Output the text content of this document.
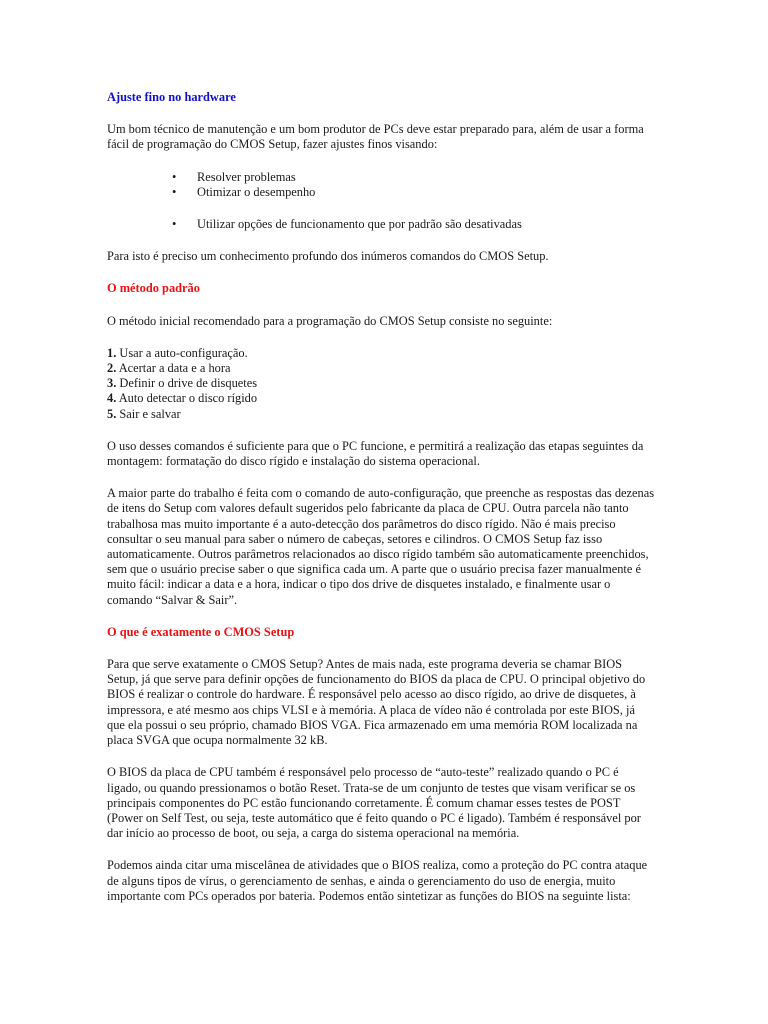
Ajuste fino no hardware

Um bom técnico de manutenção e um bom produtor de PCs deve estar preparado para, além de usar a forma fácil de programação do CMOS Setup, fazer ajustes finos visando:

• Resolver problemas
• Otimizar o desempenho
• Utilizar opções de funcionamento que por padrão são desativadas

Para isto é preciso um conhecimento profundo dos inúmeros comandos do CMOS Setup.

O método padrão

O método inicial recomendado para a programação do CMOS Setup consiste no seguinte:

1. Usar a auto-configuração.
2. Acertar a data e a hora
3. Definir o drive de disquetes
4. Auto detectar o disco rígido
5. Sair e salvar

O uso desses comandos é suficiente para que o PC funcione, e permitirá a realização das etapas seguintes da montagem: formatação do disco rígido e instalação do sistema operacional.

A maior parte do trabalho é feita com o comando de auto-configuração, que preenche as respostas das dezenas de itens do Setup com valores default sugeridos pelo fabricante da placa de CPU. Outra parcela não tanto trabalhosa mas muito importante é a auto-detecção dos parâmetros do disco rígido. Não é mais preciso consultar o seu manual para saber o número de cabeças, setores e cilindros. O CMOS Setup faz isso automaticamente. Outros parâmetros relacionados ao disco rígido também são automaticamente preenchidos, sem que o usuário precise saber o que significa cada um. A parte que o usuário precisa fazer manualmente é muito fácil: indicar a data e a hora, indicar o tipo dos drive de disquetes instalado, e finalmente usar o comando “Salvar & Sair”.

O que é exatamente o CMOS Setup

Para que serve exatamente o CMOS Setup? Antes de mais nada, este programa deveria se chamar BIOS Setup, já que serve para definir opções de funcionamento do BIOS da placa de CPU. O principal objetivo do BIOS é realizar o controle do hardware. É responsável pelo acesso ao disco rígido, ao drive de disquetes, à impressora, e até mesmo aos chips VLSI e à memória. A placa de vídeo não é controlada por este BIOS, já que ela possui o seu próprio, chamado BIOS VGA. Fica armazenado em uma memória ROM localizada na placa SVGA que ocupa normalmente 32 kB.

O BIOS da placa de CPU também é responsável pelo processo de “auto-teste” realizado quando o PC é ligado, ou quando pressionamos o botão Reset. Trata-se de um conjunto de testes que visam verificar se os principais componentes do PC estão funcionando corretamente. É comum chamar esses testes de POST (Power on Self Test, ou seja, teste automático que é feito quando o PC é ligado). Também é responsável por dar início ao processo de boot, ou seja, a carga do sistema operacional na memória.

Podemos ainda citar uma miscelânea de atividades que o BIOS realiza, como a proteção do PC contra ataque de alguns tipos de vírus, o gerenciamento de senhas, e ainda o gerenciamento do uso de energia, muito importante com PCs operados por bateria. Podemos então sintetizar as funções do BIOS na seguinte lista:
